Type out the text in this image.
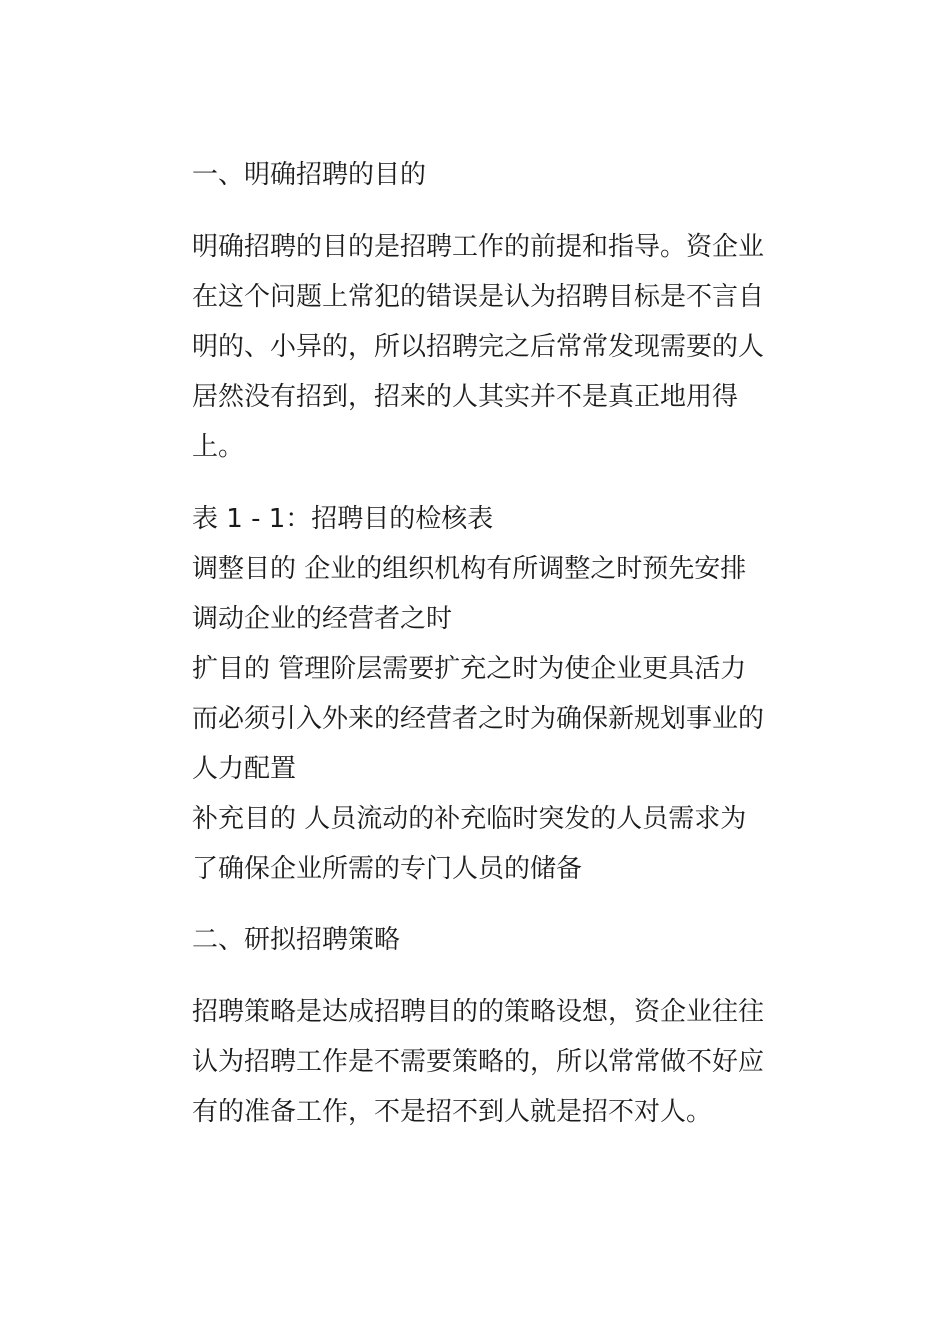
一、明确招聘的目的
明确招聘的目的是招聘工作的前提和指导。资企业
在这个问题上常犯的错误是认为招聘目标是不言自
明的、小异的，所以招聘完之后常常发现需要的人
居然没有招到，招来的人其实并不是真正地用得
上。
表 1 - 1：招聘目的检核表
调整目的 企业的组织机构有所调整之时预先安排
调动企业的经营者之时
扩目的 管理阶层需要扩充之时为使企业更具活力
而必须引入外来的经营者之时为确保新规划事业的
人力配置
补充目的 人员流动的补充临时突发的人员需求为
了确保企业所需的专门人员的储备
二、研拟招聘策略
招聘策略是达成招聘目的的策略设想，资企业往往
认为招聘工作是不需要策略的，所以常常做不好应
有的准备工作，不是招不到人就是招不对人。
